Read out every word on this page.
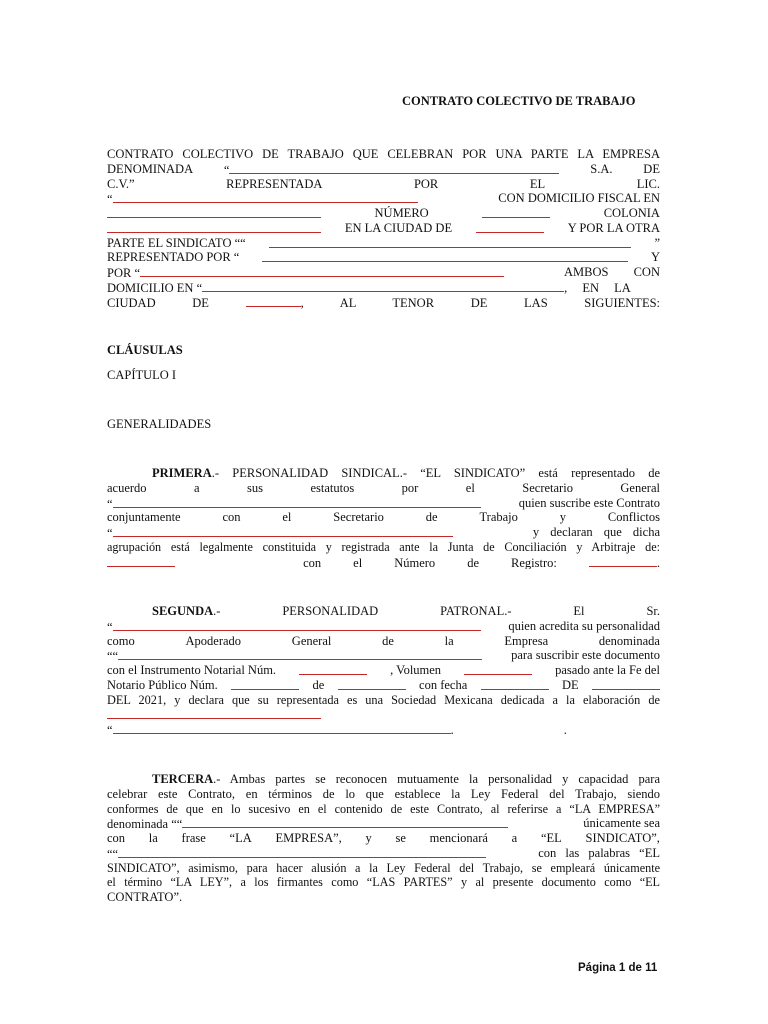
CONTRATO COLECTIVO DE TRABAJO
CONTRATO COLECTIVO DE TRABAJO QUE CELEBRAN POR UNA PARTE LA EMPRESA
DENOMINADA “	S.A. DE
C.V.”	REPRESENTADA	POR	EL	LIC.
“	CON DOMICILIO FISCAL EN
NÚMERO	COLONIA
EN LA CIUDAD DE	Y POR LA OTRA
PARTE EL SINDICATO ““	”
REPRESENTADO POR “	Y
POR “	AMBOS CON
DOMICILIO EN “	, EN LA
CIUDAD DE	, AL TENOR DE LAS SIGUIENTES:
CLÁUSULAS
CAPÍTULO I
GENERALIDADES
PRIMERA .- PERSONALIDAD SINDICAL.- “EL SINDICATO” está representado de
acuerdo	a	sus	estatutos	por	el	Secretario	General
“	quien suscribe este Contrato
conjuntamente	con	el	Secretario	de	Trabajo	y	Conflictos
“	y declaran que dicha
agrupación está legalmente constituida y registrada ante la Junta de Conciliación y Arbitraje de:
con el Número de Registro:	.
SEGUNDA .-	PERSONALIDAD	PATRONAL.-	El	Sr.
“	quien acredita su personalidad
como	Apoderado	General	de	la	Empresa	denominada
““	para suscribir este documento
con el Instrumento Notarial Núm.	, Volumen	pasado ante la Fe del
Notario Público Núm.	de	con fecha	DE
DEL 2021, y declara que su representada es una Sociedad Mexicana dedicada a la elaboración de
“	.	.
TERCERA .- Ambas partes se reconocen mutuamente la personalidad y capacidad para
celebrar este Contrato, en términos de lo que establece la Ley Federal del Trabajo, siendo
conformes de que en lo sucesivo en el contenido de este Contrato, al referirse a “LA EMPRESA”
denominada ““	únicamente sea
con la frase “LA EMPRESA”, y se mencionará a “EL SINDICATO”,
““	con las palabras “EL
SINDICATO”, asimismo, para hacer alusión a la Ley Federal del Trabajo, se empleará únicamente
el término “LA LEY”, a los firmantes como “LAS PARTES” y al presente documento como “EL
CONTRATO”.
Página 1 de 11
